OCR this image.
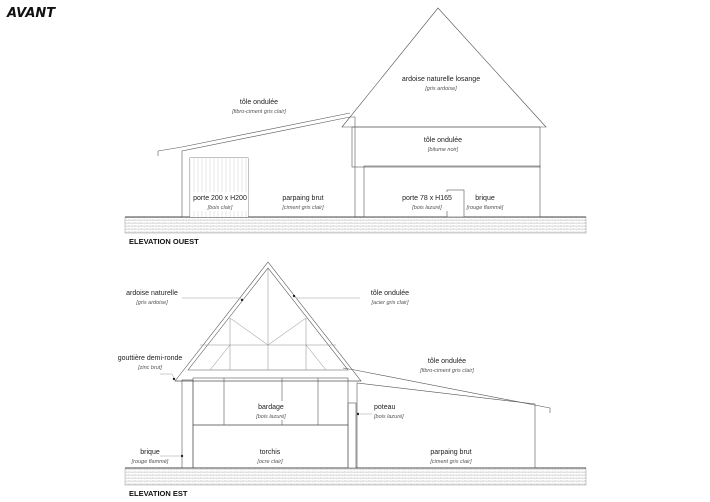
AVANT
tôle ondulée
[fibro-ciment gris clair]
ardoise naturelle losange
[gris ardoise]
tôle ondulée
[bitume noir]
porte 200 x H200
[bois clair]
parpaing brut
[ciment gris clair]
porte 78 x H165
[bois lazuré]
brique
[rouge flammé]
ELEVATION OUEST
ardoise naturelle
[gris ardoise]
tôle ondulée
[acier gris clair]
gouttière demi-ronde
[zinc brut]
tôle ondulée
[fibro-ciment gris clair]
bardage
[bois lazuré]
poteau
[bois lazuré]
brique
[rouge flammé]
torchis
[ocre clair]
parpaing brut
[ciment gris clair]
ELEVATION EST
